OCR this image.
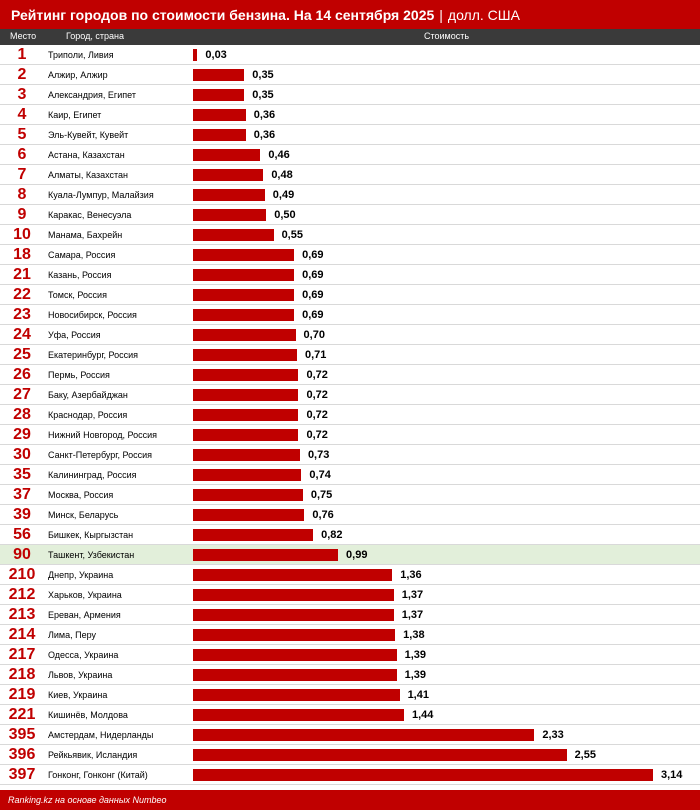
Рейтинг городов по стоимости бензина. На 14 сентября 2025 | долл. США
Место	Город, страна	Стоимость
1	Триполи, Ливия	0,03
2	Алжир, Алжир	0,35
3	Александрия, Египет	0,35
4	Каир, Египет	0,36
5	Эль-Кувейт, Кувейт	0,36
6	Астана, Казахстан	0,46
7	Алматы, Казахстан	0,48
8	Куала-Лумпур, Малайзия	0,49
9	Каракас, Венесуэла	0,50
10	Манама, Бахрейн	0,55
18	Самара, Россия	0,69
21	Казань, Россия	0,69
22	Томск, Россия	0,69
23	Новосибирск, Россия	0,69
24	Уфа, Россия	0,70
25	Екатеринбург, Россия	0,71
26	Пермь, Россия	0,72
27	Баку, Азербайджан	0,72
28	Краснодар, Россия	0,72
29	Нижний Новгород, Россия	0,72
30	Санкт-Петербург, Россия	0,73
35	Калининград, Россия	0,74
37	Москва, Россия	0,75
39	Минск, Беларусь	0,76
56	Бишкек, Кыргызстан	0,82
90	Ташкент, Узбекистан	0,99
210	Днепр, Украина	1,36
212	Харьков, Украина	1,37
213	Ереван, Армения	1,37
214	Лима, Перу	1,38
217	Одесса, Украина	1,39
218	Львов, Украина	1,39
219	Киев, Украина	1,41
221	Кишинёв, Молдова	1,44
395	Амстердам, Нидерланды	2,33
396	Рейкьявик, Исландия	2,55
397	Гонконг, Гонконг (Китай)	3,14
Ranking.kz на основе данных Numbeo
